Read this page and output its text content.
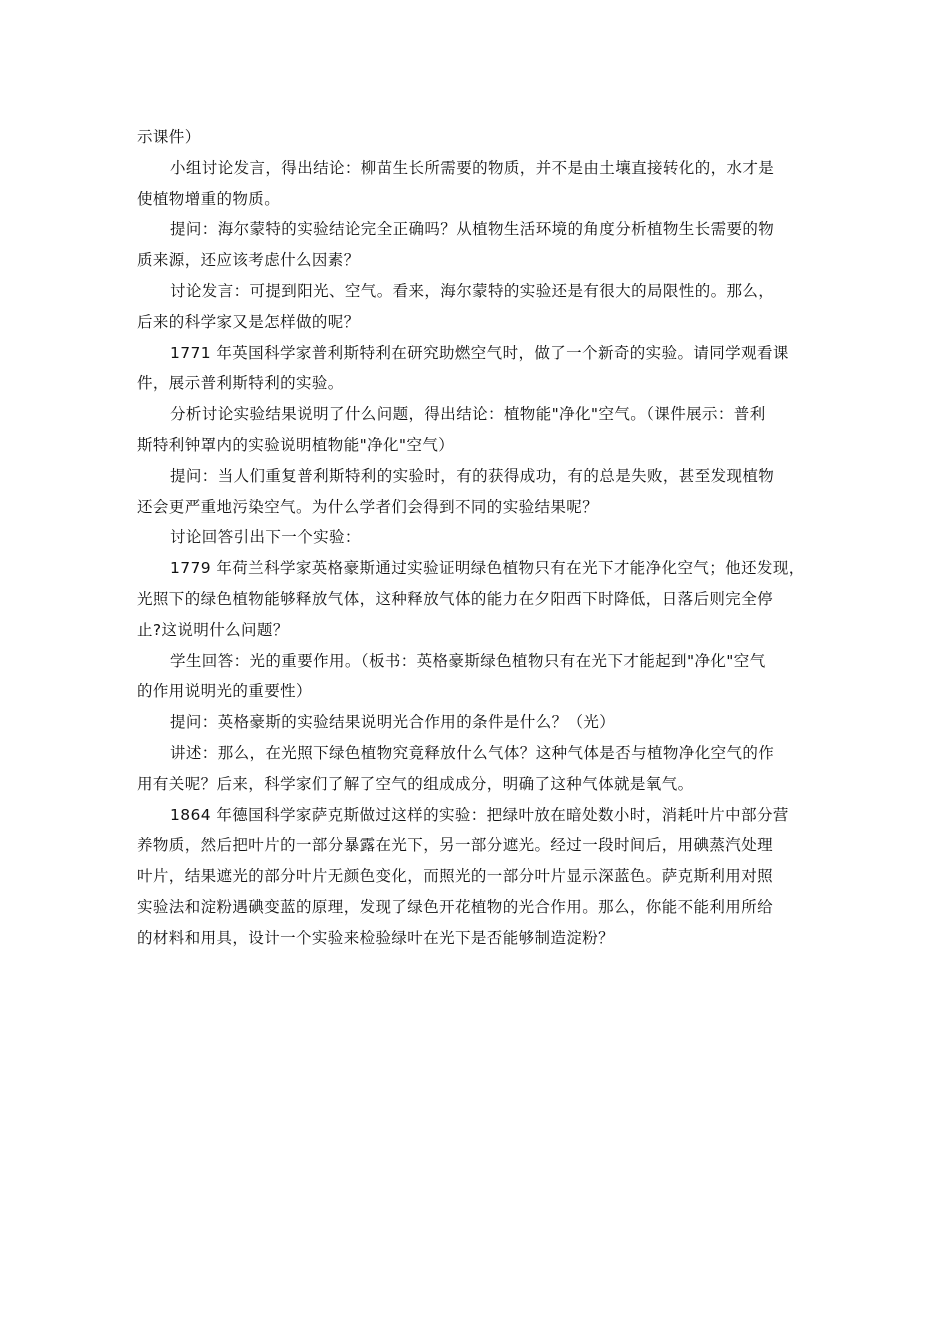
示课件）
小组讨论发言，得出结论：柳苗生长所需要的物质，并不是由土壤直接转化的，水才是
使植物增重的物质。
提问：海尔蒙特的实验结论完全正确吗？从植物生活环境的角度分析植物生长需要的物
质来源，还应该考虑什么因素？
讨论发言：可提到阳光、空气。看来，海尔蒙特的实验还是有很大的局限性的。那么，
后来的科学家又是怎样做的呢？
1771 年英国科学家普利斯特利在研究助燃空气时，做了一个新奇的实验。请同学观看课
件，展示普利斯特利的实验。
分析讨论实验结果说明了什么问题，得出结论：植物能"净化"空气。（课件展示：普利
斯特利钟罩内的实验说明植物能"净化"空气）
提问：当人们重复普利斯特利的实验时，有的获得成功，有的总是失败，甚至发现植物
还会更严重地污染空气。为什么学者们会得到不同的实验结果呢？
讨论回答引出下一个实验：
1779 年荷兰科学家英格豪斯通过实验证明绿色植物只有在光下才能净化空气；他还发现，
光照下的绿色植物能够释放气体，这种释放气体的能力在夕阳西下时降低，日落后则完全停
止?这说明什么问题？
学生回答：光的重要作用。（板书：英格豪斯绿色植物只有在光下才能起到"净化"空气
的作用说明光的重要性）
提问：英格豪斯的实验结果说明光合作用的条件是什么？（光）
讲述：那么，在光照下绿色植物究竟释放什么气体？这种气体是否与植物净化空气的作
用有关呢？后来，科学家们了解了空气的组成成分，明确了这种气体就是氧气。
1864 年德国科学家萨克斯做过这样的实验：把绿叶放在暗处数小时，消耗叶片中部分营
养物质，然后把叶片的一部分暴露在光下，另一部分遮光。经过一段时间后，用碘蒸汽处理
叶片，结果遮光的部分叶片无颜色变化，而照光的一部分叶片显示深蓝色。萨克斯利用对照
实验法和淀粉遇碘变蓝的原理，发现了绿色开花植物的光合作用。那么，你能不能利用所给
的材料和用具，设计一个实验来检验绿叶在光下是否能够制造淀粉？
